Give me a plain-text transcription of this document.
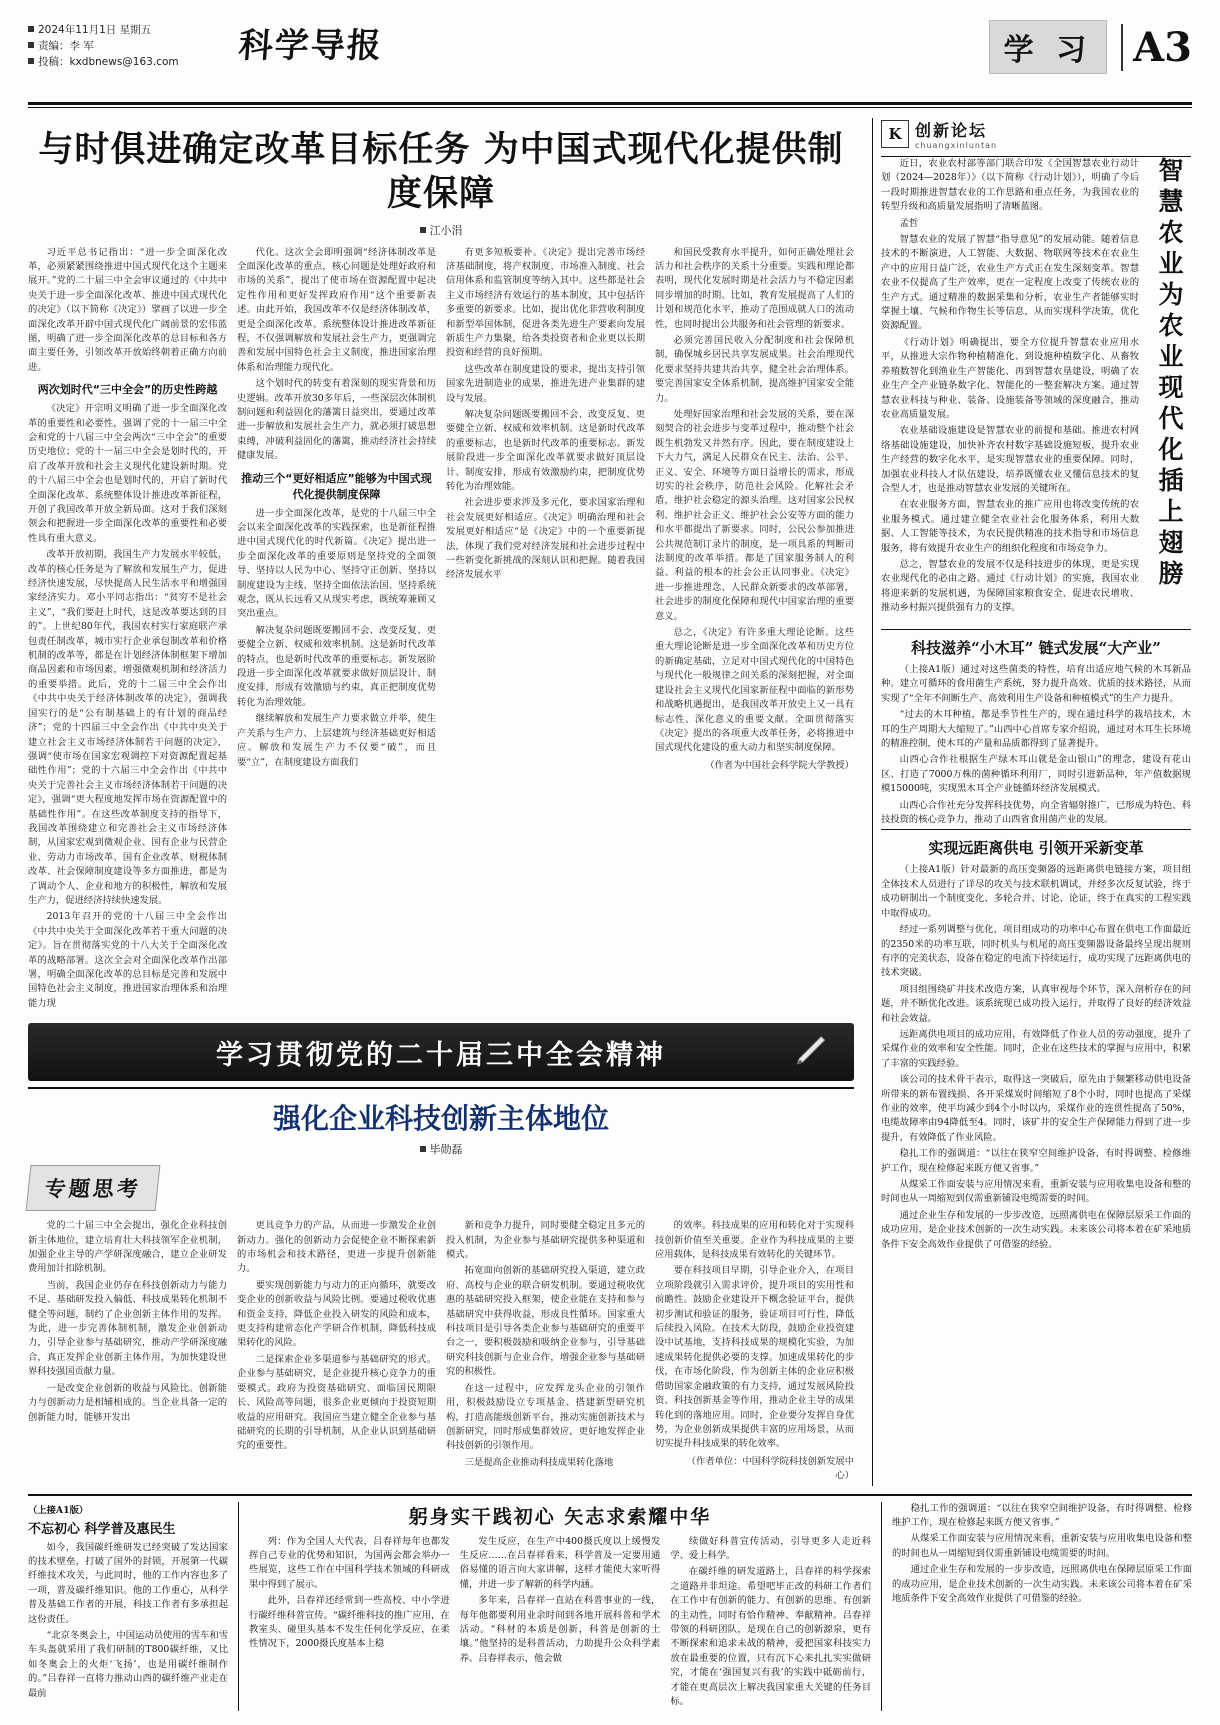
2024年11月1日 星期五
责编：李 军
投稿：kxdbnews@163.com	科学导报	学 习	A3
与时俱进确定改革目标任务 为中国式现代化提供制度保障
江小涓

习近平总书记指出：“进一步全面深化改革，必须紧紧围绕推进中国式现代化这个主题来展开。”党的二十届三中全会审议通过的《中共中央关于进一步全面深化改革、推进中国式现代化的决定》（以下简称《决定》）擘画了以进一步全面深化改革开辟中国式现代化广阔前景的宏伟蓝图，明确了进一步全面深化改革的总目标和各方面主要任务，引领改革开放始终朝着正确方向前进。

两次划时代“三中全会”的历史性跨越

《决定》开宗明义明确了进一步全面深化改革的重要性和必要性，强调了党的十一届三中全会和党的十八届三中全会两次“三中全会”的重要历史地位；党的十一届三中全会是划时代的，开启了改革开放和社会主义现代化建设新时期。党的十八届三中全会也是划时代的，开启了新时代全面深化改革、系统整体设计推进改革新征程，开创了我国改革开放全新局面。这对于我们深刻领会和把握进一步全面深化改革的重要性和必要性具有重大意义。

改革开放初期，我国生产力发展水平较低，改革的核心任务是为了解放和发展生产力，促进经济快速发展，尽快提高人民生活水平和增强国家经济实力。邓小平同志指出：“贫穷不是社会主义”，“我们要赶上时代，这是改革要达到的目的”。上世纪80年代，我国农村实行家庭联产承包责任制改革，城市实行企业承包制改革和价格机制的改革等，都是在计划经济体制框架下增加商品因素和市场因素，增强微观机制和经济活力的重要举措。此后，党的十二届三中全会作出《中共中央关于经济体制改革的决定》，强调我国实行的是“公有制基础上的有计划的商品经济”；党的十四届三中全会作出《中共中央关于建立社会主义市场经济体制若干问题的决定》，强调“使市场在国家宏观调控下对资源配置起基础性作用”；党的十六届三中全会作出《中共中央关于完善社会主义市场经济体制若干问题的决定》，强调“更大程度地发挥市场在资源配置中的基础性作用”。在这些改革制度支持的指导下，我国改革围绕建立和完善社会主义市场经济体制，从国家宏观到微观企业、国有企业与民营企业、劳动力市场改革、国有企业改革、财税体制改革、社会保障制度建设等多方面推进，都是为了调动个人、企业和地方的积极性，解放和发展生产力，促进经济持续快速发展。

2013年召开的党的十八届三中全会作出《中共中央关于全面深化改革若干重大问题的决定》。旨在贯彻落实党的十八大关于全面深化改革的战略部署。这次全会对全面深化改革作出部署，明确全面深化改革的总目标是完善和发展中国特色社会主义制度，推进国家治理体系和治理能力现

代化。这次全会即明强调“经济体制改革是全面深化改革的重点，核心问题是处理好政府和市场的关系”，提出了使市场在资源配置中起决定性作用和更好发挥政府作用“这个重要新表述。由此开始，我国改革不仅是经济体制改革，更是全面深化改革、系统整体设计推进改革新征程，不仅强调解放和发展社会生产力，更强调完善和发展中国特色社会主义制度，推进国家治理体系和治理能力现代化。

这个划时代的转变有着深刻的现实背景和历史逻辑。改革开放30多年后，一些深层次体制机制问题和利益固化的藩篱日益突出，要通过改革进一步解放和发展社会生产力，就必须打破思想束缚，冲破利益固化的藩篱，推动经济社会持续健康发展。

推动三个“更好相适应”能够为中国式现代化提供制度保障

进一步全面深化改革，是党的十八届三中全会以来全面深化改革的实践探索，也是新征程推进中国式现代化的时代新篇。《决定》提出进一步全面深化改革的重要原则是坚持党的全面领导、坚持以人民为中心、坚持守正创新、坚持以制度建设为主线、坚持全面依法治国、坚持系统观念，既从长远看又从现实考虑，既统筹兼顾又突出重点。

解决复杂问题既要搬回不会、改变反复、更要健全立新、权威和效率机制。这是新时代改革的特点，也是新时代改革的重要标志。新发展阶段进一步全面深化改革就要求做好顶层设计、制度安排，形成有效激励与约束，真正把制度优势转化为治理效能。

继续解放和发展生产力要求做立并举，使生产关系与生产力、上层建筑与经济基础更好相适应。解放和发展生产力不仅要“破”，而且要“立”，在制度建设方面我们

有更多短板要补。《决定》提出完善市场经济基础制度，将产权制度、市场准入制度、社会信用体系和监管制度等纳入其中。这些都是社会主义市场经济有效运行的基本制度，其中包括许多重要的新要求。比如，提出优化非营收利制度和新型举国体制，促进各类先进生产要素向发展新质生产力集聚，给各类投资者和企业更以长期投资和经营的良好预期。

这些改革在制度建设的要求，提出支持引领国家先进制造业的成果，推进先进产业集群的建设与发展。

解决复杂问题既要搬回不会、改变反复、更要健全立新、权威和效率机制。这是新时代改革的重要标志，也是新时代改革的重要标志。新发展阶段进一步全面深化改革就要求做好顶层设计、制度安排，形成有效激励约束，把制度优势转化为治理效能。

社会进步要求涉及多元化，要求国家治理和社会发展更好相适应。《决定》明确治理和社会发展更好相适应“是《决定》中的一个重要新提法，体现了我们党对经济发展和社会进步过程中一些新变化新挑战的深刻认识和把握。随着我国经济发展水平

和国民受教育水平提升，如何正确处理社会活力和社会秩序的关系十分重要。实践和理论都表明，现代化发展时期是社会活力与不稳定因素同步增加的时期。比如，教育发展提高了人们的计划和规范化水平，推动了范围成就人口的流动性，也同时提出公共服务和社会管理的新要求。

必须完善国民收入分配制度和社会保障机制，确保城乡居民共享发展成果。社会治理现代化要求坚持共建共治共享，健全社会治理体系。要完善国家安全体系机制，提高维护国家安全能力。

处理好国家治理和社会发展的关系，要在深刻契合的社会进步与变革过程中，推动整个社会既生机勃发又井然有序。因此，要在制度建设上下大力气，满足人民群众在民主、法治、公平、正义、安全、环境等方面日益增长的需求，形成切实的社会秩序，防范社会风险。化解社会矛盾，维护社会稳定的源头治理。这对国家公民权利、维护社会正义、维护社会公安等方面的能力和水平都提出了新要求。同时，公民公参加推进公共规范制订录片的制度，是一项具系的判断司法制度的改革举措。都是了国家服务制人的利益、利益的根本的社会公正认同事业。《决定》进一步推进理念、人民群众新要求的改革部署，社会进步的制度化保障和现代中国家治理的重要意义。

总之，《决定》有许多重大理论论断。这些重大理论论断是进一步全面深化改革和历史方位的新确定基础，立足对中国式现代化的中国特色与现代化一般规律之间关系的深刻把握，对全面建设社会主义现代化国家新征程中面临的新形势和战略机遇提出，是我国改革开放史上又一具有标志性、深化意义的重要文献。全面贯彻落实《决定》提出的各项重大改革任务，必将推进中国式现代化建设的重大动力和坚实制度保障。

（作者为中国社会科学院大学教授）

学习贯彻党的二十届三中全会精神
强化企业科技创新主体地位
毕勋磊
专题思考

党的二十届三中全会提出，强化企业科技创新主体地位，建立培育壮大科技领军企业机制，加强企业主导的产学研深度融合，建立企业研发费用加计扣除机制。

当前，我国企业仍存在科技创新动力与能力不足、基础研发投入偏低、科技成果转化机制不健全等问题，制约了企业创新主体作用的发挥。为此，进一步完善体制机制，激发企业创新动力，引导企业参与基础研究，推动产学研深度融合，真正发挥企业创新主体作用，为加快建设世界科技强国贡献力量。

一是改变企业创新的收益与风险比。创新能力与创新动力是相辅相成的。当企业具备一定的创新能力时，能够开发出

更具竞争力的产品，从而进一步激发企业创新动力。强化的创新动力会促使企业不断探索新的市场机会和技术路径，更进一步提升创新能力。

要实现创新能力与动力的正向循环，就要改变企业的创新收益与风险比例。要通过税收优惠和资金支持，降低企业投入研发的风险和成本，更支持构建常态化产学研合作机制，降低科技成果转化的风险。

二是探索企业多渠道参与基础研究的形式。企业参与基础研究，是企业提升核心竞争力的重要模式。政府为投资基础研究、面临国民期限长、风险高等问题，很多企业更倾向于投资短期收益的应用研究。我国应当建立健全企业参与基础研究的长期的引导机制，从企业认识到基础研究的重要性。

新和竞争力提升，同时要健全稳定且多元的投入机制，为企业参与基础研究提供多种渠道和模式。

拓宽面向创新的基础研究投入渠道，建立政府、高校与企业的联合研发机制。要通过税收优惠的基础研究投入框架，使企业能在支持和参与基础研究中获得收益，形成良性循环。国家重大科技项目是引导各类企业参与基础研究的重要平台之一，要积极鼓励和吸纳企业参与，引导基础研究科技创新与企业合作，增强企业参与基础研究的积极性。

在这一过程中，应发挥龙头企业的引领作用，积极鼓励设立专项基金、搭建新型研究机构，打造高能级创新平台，推动实施创新技术与创新研究，同时形成集群效应，更好地发挥企业科技创新的引领作用。

三是提高企业推动科技成果转化落地

的效率。科技成果的应用和转化对于实现科技创新价值至关重要。企业作为科技成果的主要应用载体，是科技成果有效转化的关键环节。

要在科技项目早期，引导企业介入，在项目立项阶段就引入需求评价，提升项目的实用性和前瞻性。鼓励企业建设开下概念验证平台，提供初步测试和验证的服务，验证项目可行性，降低后续投入风险。在技术大防段，鼓励企业投资建设中试基地，支持科技成果的规模化实验，为加速成果转化提供必要的支撑。加速成果转化的步伐，在市场化阶段，作为创新主体的企业应积极借助国家金融政策的有力支持，通过发展风险投资、科技创新基金等作用，推动企业主导的成果转化到的落地应用。同时，企业要分发挥自身优势，为企业创新成果提供丰富的应用场景，从而切实提升科技成果的转化效率。

（作者单位：中国科学院科技创新发展中心）

K 创新论坛
chuangxinluntan

近日，农业农村部等部门联合印发《全国智慧农业行动计划（2024—2028年）》（以下简称《行动计划》），明确了今后一段时期推进智慧农业的工作思路和重点任务，为我国农业的转型升级和高质量发展指明了清晰蓝图。

孟哲

智慧农业的发展了智慧“指导意见”的发展动能。随着信息技术的不断演进，人工智能、大数据、物联网等技术在农业生产中的应用日益广泛，农业生产方式正在发生深刻变革。智慧农业不仅提高了生产效率，更在一定程度上改变了传统农业的生产方式。通过精准的数据采集和分析，农业生产者能够实时掌握土壤、气候和作物生长等信息，从而实现科学决策，优化资源配置。

《行动计划》明确提出，要全方位提升智慧农业应用水平，从推进大宗作物种植精准化、到设施种植数字化、从畜牧养殖数智化到渔业生产智能化、再到智慧农垦建设，明确了农业生产全产业链条数字化、智能化的一整套解决方案。通过智慧农业科技与种业、装备、设施装备等领域的深度融合，推动农业高质量发展。

农业基础设施建设是智慧农业的前提和基础。推进农村网络基础设施建设，加快补齐农村数字基础设施短板，提升农业生产经营的数字化水平，是实现智慧农业的重要保障。同时，加强农业科技人才队伍建设，培养既懂农业又懂信息技术的复合型人才，也是推动智慧农业发展的关键所在。

在农业服务方面，智慧农业的推广应用也将改变传统的农业服务模式。通过建立健全农业社会化服务体系，利用大数据、人工智能等技术，为农民提供精准的技术指导和市场信息服务，将有效提升农业生产的组织化程度和市场竞争力。

总之，智慧农业的发展不仅是科技进步的体现，更是实现农业现代化的必由之路。通过《行动计划》的实施，我国农业将迎来新的发展机遇，为保障国家粮食安全、促进农民增收、推动乡村振兴提供强有力的支撑。

智慧农业为农业现代化插上翅膀
科技滋养“小木耳” 链式发展“大产业”

（上接A1版）通过对这些菌类的特性，培育出适应地气候的木耳新品种。建立可循环的食用菌生产系统，努力提升高效、优质的技术路径，从而实现了“全年不间断生产、高效利用生产设备和种植模式”的生产力提升。

“过去的木耳种植，都是季节性生产的，现在通过科学的栽培技术，木耳的生产周期大大缩短了。”山西中心首席专家介绍说，通过对木耳生长环境的精准控制，使木耳的产量和品质都得到了显著提升。

山西心合作社根据生产绿木耳山就是金山银山”的理念，建设有花山区、打造了7000万株的菌种循环利用厂，同时引进新品种，年产值数据规模15000吨，实现黑木耳全产业链循环经济发展模式。

山西心合作社充分发挥科技优势，向全省辐射推广，已形成为特色、科技投资的核心竞争力，推动了山西省食用菌产业的发展。

实现远距离供电 引领开采新变革

（上接A1版）针对最新的高压变频器的远距离供电链接方案，项目组全体技术人员进行了详尽的攻关与技术联机调试，并经多次反复试验，终于成功研制出一个制度变化、多轮合并、讨论、论证，终于在真实的工程实践中取得成功。

经过一系列调整与优化，项目组成功的功率中心布置在供电工作面最近的2350米的功率互联，同时机头与机尾的高压变频器设备最终呈现出规则有序的完美状态，设备在稳定的电流下持续运行，成功实现了远距离供电的技术突破。

项目组围绕矿井技术改造方案，认真审视每个环节，深入剖析存在的问题，并不断优化改进。该系统现已成功投入运行，并取得了良好的经济效益和社会效益。

远距离供电项目的成功应用，有效降低了作业人员的劳动强度，提升了采煤作业的效率和安全性能。同时，企业在这些技术的掌握与应用中，积累了丰富的实践经验。

该公司的技术骨干表示，取得这一突破后，原先由于频繁移动供电设备所带来的新布置线损、各开采煤炭时间缩短了8个小时，同时也提高了采煤作业的效率，使平均减少到4个小时以内，采煤作业的连贯性提高了50%，电缆故障率由94降低至4。同时，该矿井的安全生产保障能力得到了进一步提升，有效降低了作业风险。

稳扎工作的强调道：“以往在狭窄空间维护设备，有时得调整、检修维护工作，现在检修起来既方便又省事。”

从煤采工作面安装与应用情况来看，重新安装与应用收集电设备和整的时间也从一周缩短到仅需重新铺设电缆需要的时间。

通过企业生存和发展的一步步改造，远照离供电在保障层原采工作面的成功应用，是企业技术创新的一次生动实践。未来该公司将本着在矿采地质条件下安全高效作业提供了可借鉴的经验。

（上接A1版）
不忘初心 科学普及惠民生

如今，我国碳纤维研发已经突破了发达国家的技术壁垒，打破了国外的封锁，开展第一代碳纤维技术攻关，与此同时，他的工作内容也多了一项，普及碳纤维知识。他的工作重心，从科学普及基础工作者的开展，科技工作者有多承担起这份责任。

“北京冬奥会上，中国运动员使用的雪车和雪车头盔就采用了我们研制的T800碳纤维，又比如冬奥会上的火炬‘飞扬’，也是用碳纤维制作的。”吕春祥一直将力推动山西的碳纤维产业走在最前

躬身实干践初心 矢志求索耀中华

列：作为全国人大代表，吕春祥每年也都发挥自己专业的优势和知识，为国两会都会举办一些展览，这些工作在中国科学技术领域的科研成果中得到了展示。

此外，吕春祥还经常到一些高校、中小学进行碳纤维科普宣传。“碳纤维科技的推广应用，在教室头、碰里头基本不发生任何化学反应，在柔性情况下，2000摄氏度基本上稳

发生反应，在生产中400摄氏度以上缓慢发生反应……在吕春祥看来，科学普及一定要用通俗易懂的语言向大家讲解，这样才能使大家听得懂，并进一步了解新的科学内涵。

多年来，吕春祥一直站在科普事业的一线，每年他都要利用业余时间到各地开展科普和学术活动。“科材的本质是创新，科普是创新的土壤。”他坚持的是科普活动，力助提升公众科学素养。吕春祥表示，他会做

续做好科普宣传活动，引导更多人走近科学、爱上科学。

在碳纤维的研发道路上，吕春祥的科学探索之道路并非坦途。希望吧毕正改的科研工作者们在工作中有创新的能力、有创新的思维、有创新的主动性，同时有恰作精神、奉献精神。吕春祥带领的科研团队，是现在自己的创新源泉，更有不断探索和追求未战的精神，爱把国家科技实力放在最重要的位置，只有沉下心来扎扎实实做研究，才能在‘强国复兴有我’的实践中砥砺前行，才能在更高层次上解决我国家重大关键的任务目标。

稳扎工作的强调道：“以往在狭窄空间维护设备，有时得调整、检修维护工作，现在检修起来既方便又省事。”

从煤采工作面安装与应用情况来看，重新安装与应用收集电设备和整的时间也从一周缩短到仅需重新铺设电缆需要的时间。

通过企业生存和发展的一步步改造，远照离供电在保障层原采工作面的成功应用，是企业技术创新的一次生动实践。未来该公司将本着在矿采地质条件下安全高效作业提供了可借鉴的经验。
